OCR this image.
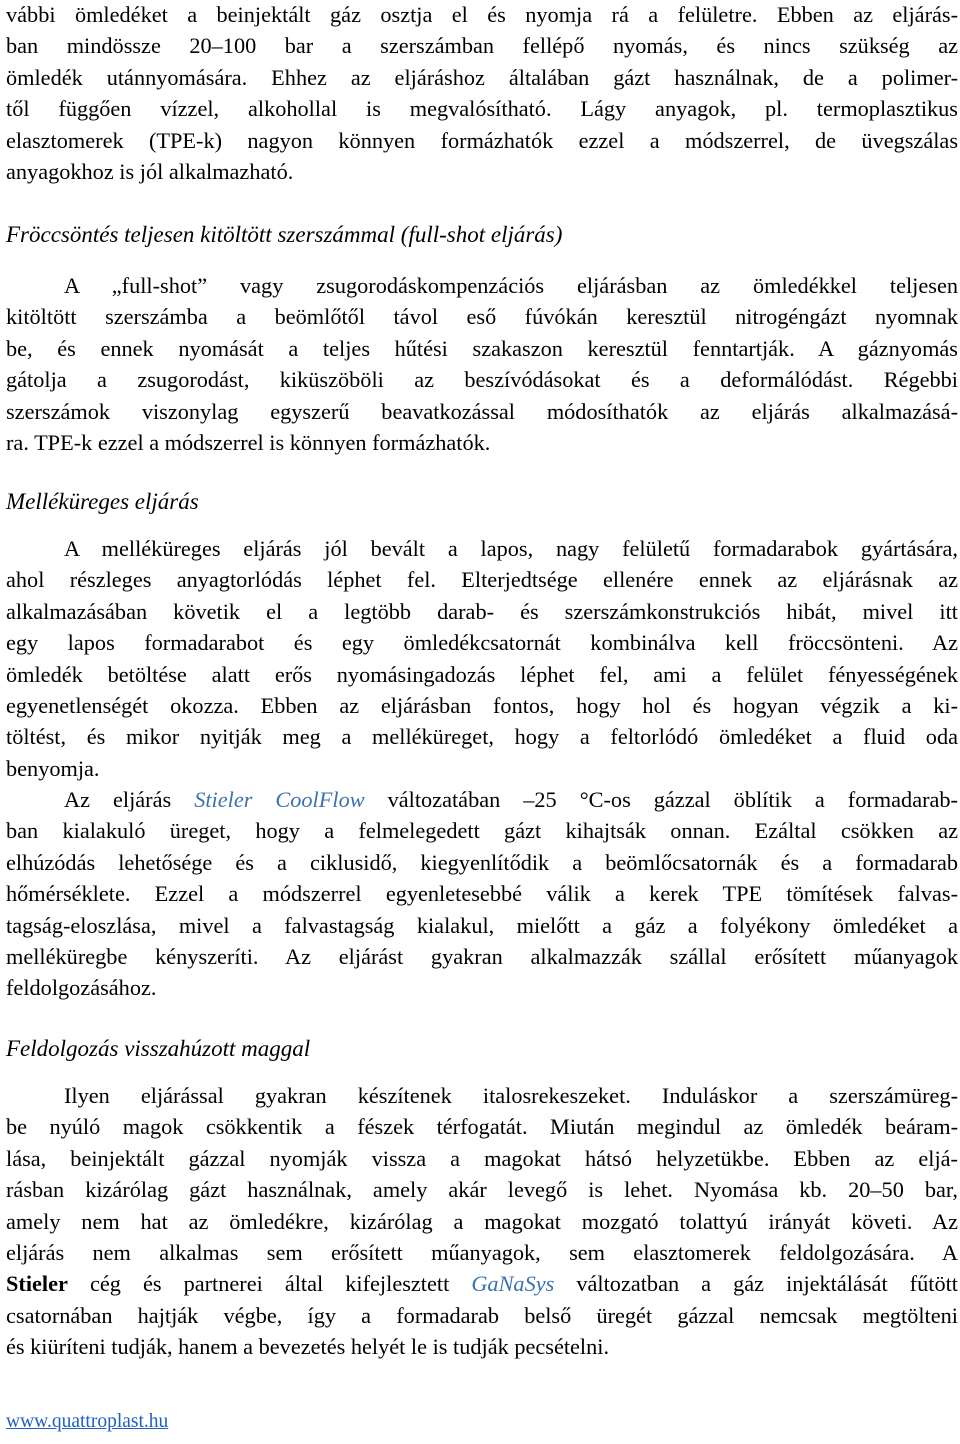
vábbi ömledéket a beinjektált gáz osztja el és nyomja rá a felületre. Ebben az eljárás-
ban mindössze 20–100 bar a szerszámban fellépő nyomás, és nincs szükség az
ömledék utánnyomására. Ehhez az eljáráshoz általában gázt használnak, de a polimer-
től függően vízzel, alkohollal is megvalósítható. Lágy anyagok, pl. termoplasztikus
elasztomerek (TPE-k) nagyon könnyen formázhatók ezzel a módszerrel, de üvegszálas
anyagokhoz is jól alkalmazható.
Fröccsöntés teljesen kitöltött szerszámmal (full-shot eljárás)
A „full-shot” vagy zsugorodáskompenzációs eljárásban az ömledékkel teljesen
kitöltött szerszámba a beömlőtől távol eső fúvókán keresztül nitrogéngázt nyomnak
be, és ennek nyomását a teljes hűtési szakaszon keresztül fenntartják. A gáznyomás
gátolja a zsugorodást, kiküszöböli az beszívódásokat és a deformálódást. Régebbi
szerszámok viszonylag egyszerű beavatkozással módosíthatók az eljárás alkalmazásá-
ra. TPE-k ezzel a módszerrel is könnyen formázhatók.
Melléküreges eljárás
A melléküreges eljárás jól bevált a lapos, nagy felületű formadarabok gyártására,
ahol részleges anyagtorlódás léphet fel. Elterjedtsége ellenére ennek az eljárásnak az
alkalmazásában követik el a legtöbb darab- és szerszámkonstrukciós hibát, mivel itt
egy lapos formadarabot és egy ömledékcsatornát kombinálva kell fröccsönteni. Az
ömledék betöltése alatt erős nyomásingadozás léphet fel, ami a felület fényességének
egyenetlenségét okozza. Ebben az eljárásban fontos, hogy hol és hogyan végzik a ki-
töltést, és mikor nyitják meg a melléküreget, hogy a feltorlódó ömledéket a fluid oda
benyomja.
Az eljárás Stieler CoolFlow változatában –25 °C-os gázzal öblítik a formadarab-
ban kialakuló üreget, hogy a felmelegedett gázt kihajtsák onnan. Ezáltal csökken az
elhúzódás lehetősége és a ciklusidő, kiegyenlítődik a beömlőcsatornák és a formadarab
hőmérséklete. Ezzel a módszerrel egyenletesebbé válik a kerek TPE tömítések falvas-
tagság-eloszlása, mivel a falvastagság kialakul, mielőtt a gáz a folyékony ömledéket a
melléküregbe kényszeríti. Az eljárást gyakran alkalmazzák szállal erősített műanyagok
feldolgozásához.
Feldolgozás visszahúzott maggal
Ilyen eljárással gyakran készítenek italosrekeszeket. Induláskor a szerszámüreg-
be nyúló magok csökkentik a fészek térfogatát. Miután megindul az ömledék beáram-
lása, beinjektált gázzal nyomják vissza a magokat hátsó helyzetükbe. Ebben az eljá-
rásban kizárólag gázt használnak, amely akár levegő is lehet. Nyomása kb. 20–50 bar,
amely nem hat az ömledékre, kizárólag a magokat mozgató tolattyú irányát követi. Az
eljárás nem alkalmas sem erősített műanyagok, sem elasztomerek feldolgozására. A
Stieler cég és partnerei által kifejlesztett GaNaSys változatban a gáz injektálását fűtött
csatornában hajtják végbe, így a formadarab belső üregét gázzal nemcsak megtölteni
és kiüríteni tudják, hanem a bevezetés helyét le is tudják pecsételni.
www.quattroplast.hu
